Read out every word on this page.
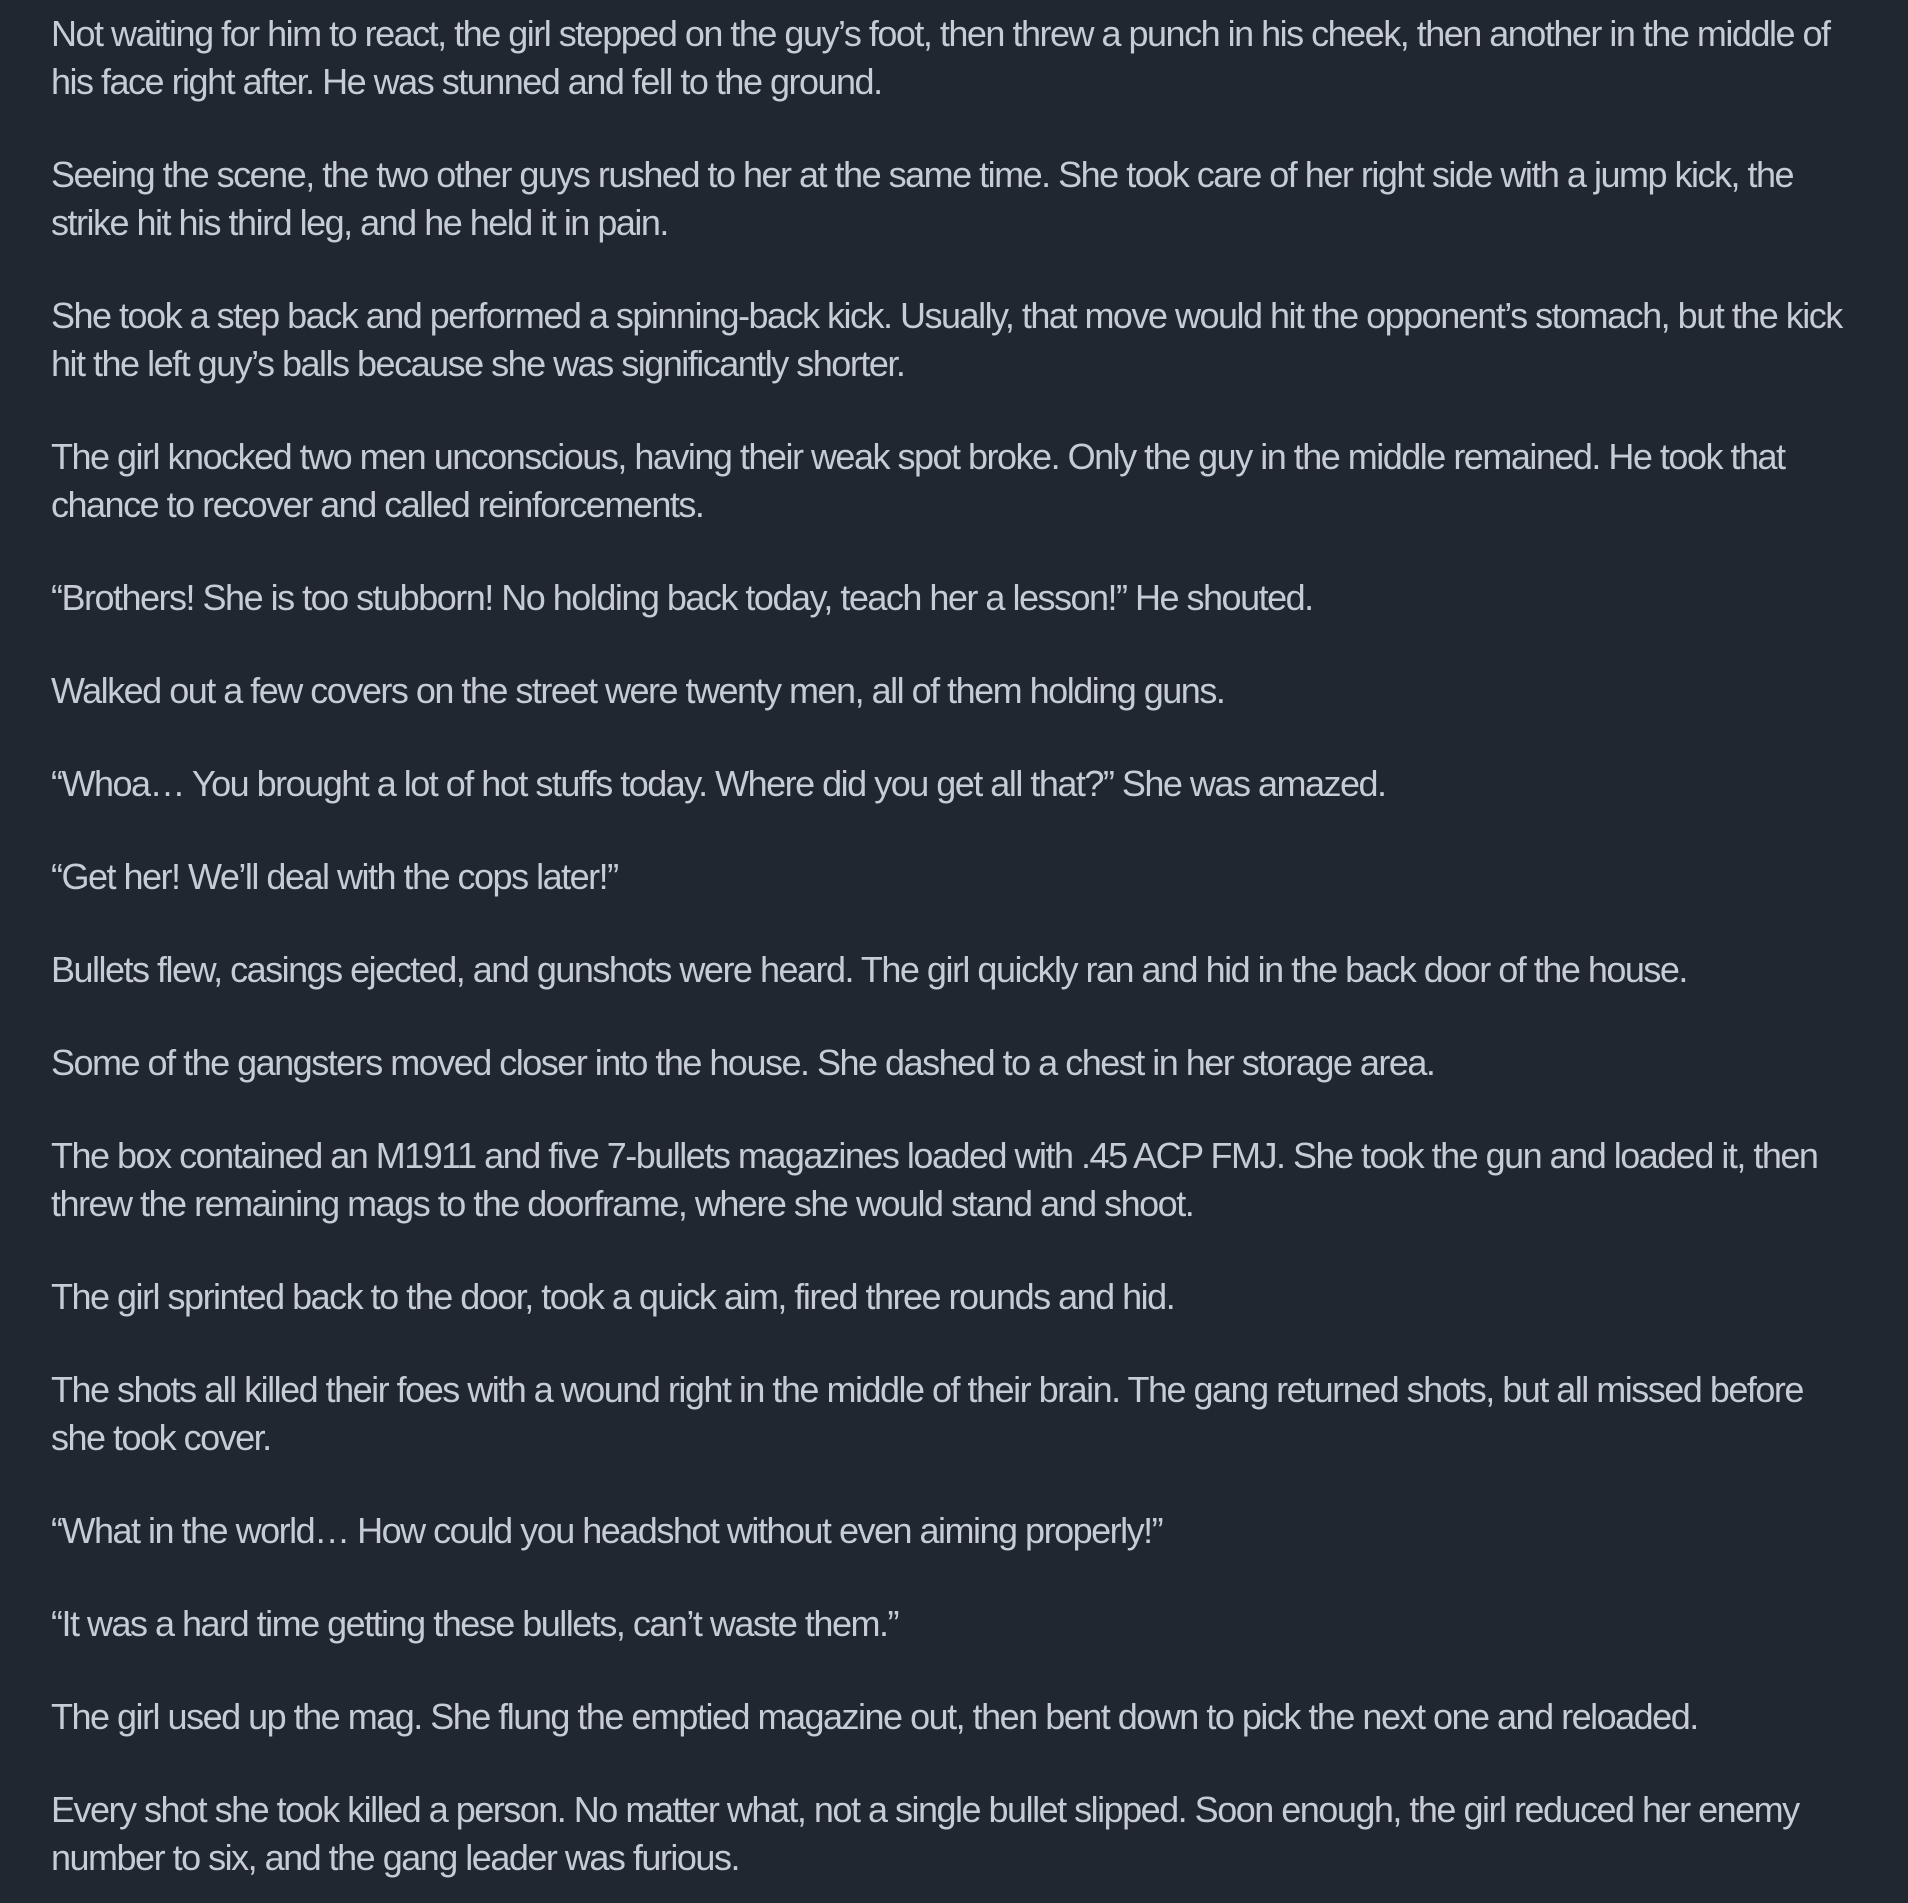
Not waiting for him to react, the girl stepped on the guy’s foot, then threw a punch in his cheek, then another in the middle of his face right after. He was stunned and fell to the ground.

Seeing the scene, the two other guys rushed to her at the same time. She took care of her right side with a jump kick, the strike hit his third leg, and he held it in pain.

She took a step back and performed a spinning-back kick. Usually, that move would hit the opponent’s stomach, but the kick hit the left guy’s balls because she was significantly shorter.

The girl knocked two men unconscious, having their weak spot broke. Only the guy in the middle remained. He took that chance to recover and called reinforcements.

“Brothers! She is too stubborn! No holding back today, teach her a lesson!” He shouted.

Walked out a few covers on the street were twenty men, all of them holding guns.

“Whoa… You brought a lot of hot stuffs today. Where did you get all that?” She was amazed.

“Get her! We’ll deal with the cops later!”

Bullets flew, casings ejected, and gunshots were heard. The girl quickly ran and hid in the back door of the house.

Some of the gangsters moved closer into the house. She dashed to a chest in her storage area.

The box contained an M1911 and five 7-bullets magazines loaded with .45 ACP FMJ. She took the gun and loaded it, then threw the remaining mags to the doorframe, where she would stand and shoot.

The girl sprinted back to the door, took a quick aim, fired three rounds and hid.

The shots all killed their foes with a wound right in the middle of their brain. The gang returned shots, but all missed before she took cover.

“What in the world… How could you headshot without even aiming properly!”

“It was a hard time getting these bullets, can’t waste them.”

The girl used up the mag. She flung the emptied magazine out, then bent down to pick the next one and reloaded.

Every shot she took killed a person. No matter what, not a single bullet slipped. Soon enough, the girl reduced her enemy number to six, and the gang leader was furious.
